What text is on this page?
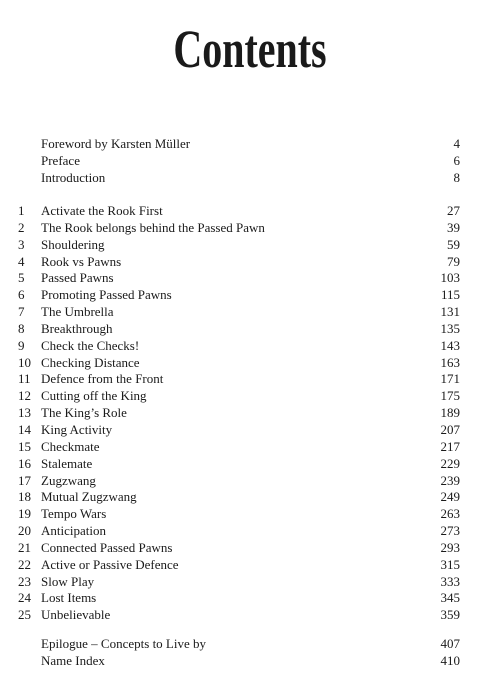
Contents
Foreword by Karsten Müller	4
Preface	6
Introduction	8
1 Activate the Rook First	27
2 The Rook belongs behind the Passed Pawn	39
3 Shouldering	59
4 Rook vs Pawns	79
5 Passed Pawns	103
6 Promoting Passed Pawns	115
7 The Umbrella	131
8 Breakthrough	135
9 Check the Checks!	143
10 Checking Distance	163
11 Defence from the Front	171
12 Cutting off the King	175
13 The King’s Role	189
14 King Activity	207
15 Checkmate	217
16 Stalemate	229
17 Zugzwang	239
18 Mutual Zugzwang	249
19 Tempo Wars	263
20 Anticipation	273
21 Connected Passed Pawns	293
22 Active or Passive Defence	315
23 Slow Play	333
24 Lost Items	345
25 Unbelievable	359
Epilogue – Concepts to Live by	407
Name Index	410
